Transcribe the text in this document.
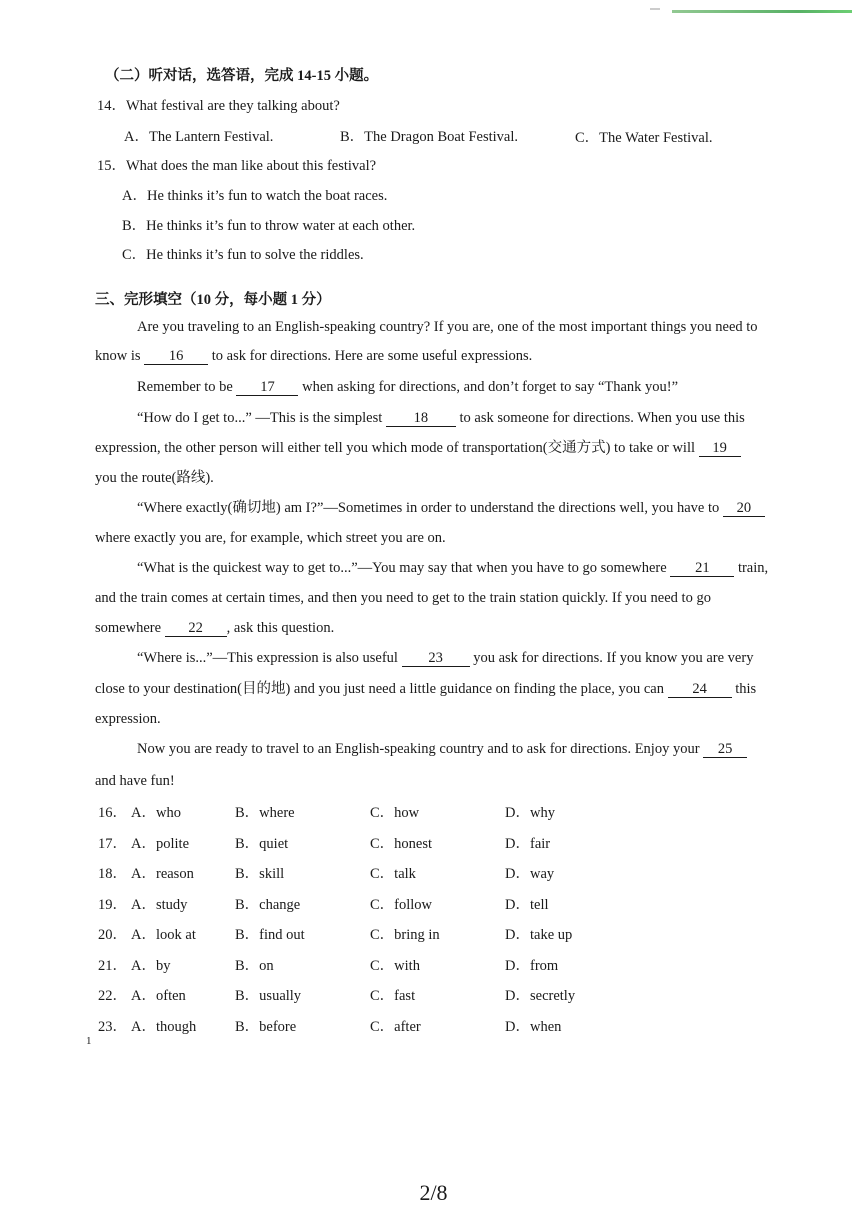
（二）听对话，选答语，完成 14-15 小题。
14．What festival are they talking about?
A．The Lantern Festival.	B．The Dragon Boat Festival.	C．The Water Festival.
15．What does the man like about this festival?
A．He thinks it’s fun to watch the boat races.
B．He thinks it’s fun to throw water at each other.
C．He thinks it’s fun to solve the riddles.
三、完形填空（10 分，每小题 1 分）
Are you traveling to an English-speaking country? If you are, one of the most important things you need to
know is 16 to ask for directions. Here are some useful expressions.
Remember to be 17 when asking for directions, and don’t forget to say “Thank you!”
“How do I get to...” —This is the simplest 18 to ask someone for directions. When you use this
expression, the other person will either tell you which mode of transportation(交通方式) to take or will 19
you the route(路线).
“Where exactly(确切地) am I?”—Sometimes in order to understand the directions well, you have to 20
where exactly you are, for example, which street you are on.
“What is the quickest way to get to...”—You may say that when you have to go somewhere 21 train,
and the train comes at certain times, and then you need to get to the train station quickly. If you need to go
somewhere 22 , ask this question.
“Where is...”—This expression is also useful 23 you ask for directions. If you know you are very
close to your destination(目的地) and you just need a little guidance on finding the place, you can 24 this
expression.
Now you are ready to travel to an English-speaking country and to ask for directions. Enjoy your 25
and have fun!
16． A．who	B．where	C．how	D．why
17． A．polite	B．quiet	C．honest	D．fair
18． A．reason	B．skill	C．talk	D．way
19． A．study	B．change	C．follow	D．tell
20． A．look at	B．find out	C．bring in	D．take up
21． A．by	B．on	C．with	D．from
22． A．often	B．usually	C．fast	D．secretly
23． A．though	B．before	C．after	D．when
1
2/8
